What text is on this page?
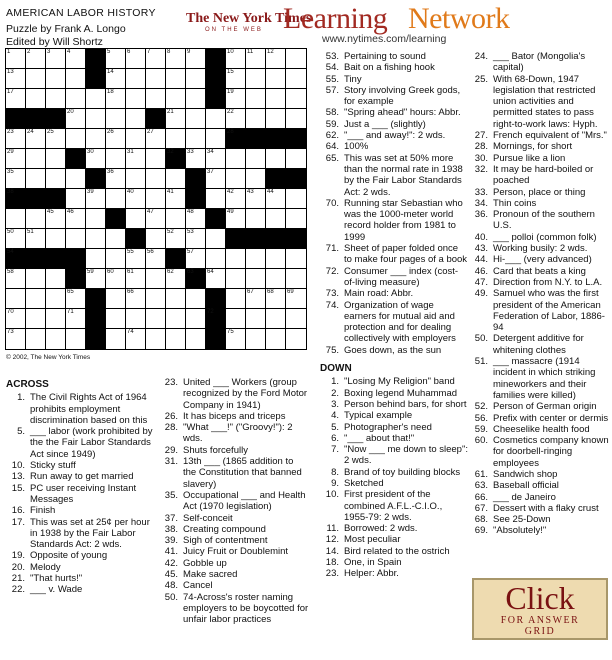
AMERICAN LABOR HISTORY
Puzzle by Frank A. Longo
Edited by Will Shortz
The New York Times
ON THE WEB Learning Network
www.nytimes.com/learning
1	2	3	4	5	6	7	8	9	10 11 12
13	14	15
17	18	19
20	21	22
23 24 25	26	27	28
29	30	31	32 33 34
35	36	37
38	39	40	41	42 43 44
45 46	47	48	49
50 51	52 53
54	55 56	57
58	59 60 61	62 63 64
65	66	67 68 69
70	71	72
73	74	75
© 2002, The New York Times
ACROSS
1. The Civil Rights Act of 1964 prohibits employment discrimination based on this
5. ___ labor (work prohibited by the the Fair Labor Standards Act since 1949)
10. Sticky stuff
13. Run away to get married
15. PC user receiving Instant Messages
16. Finish
17. This was set at 25¢ per hour in 1938 by the Fair Labor Standards Act: 2 wds.
19. Opposite of young
20. Melody
21. "That hurts!"
22. ___ v. Wade
23. United ___ Workers (group recognized by the Ford Motor Company in 1941)
26. It has biceps and triceps
28. "What ___!" ("Groovy!"): 2 wds.
29. Shuts forcefully
31. 13th ___ (1865 addition to the Constitution that banned slavery)
35. Occupational ___ and Health Act (1970 legislation)
37. Self-conceit
38. Creating compound
39. Sigh of contentment
41. Juicy Fruit or Doublemint
42. Gobble up
45. Make sacred
48. Cancel
50. 74-Across's roster naming employers to be boycotted for unfair labor practices
53. Pertaining to sound
54. Bait on a fishing hook
55. Tiny
57. Story involving Greek gods, for example
58. "Spring ahead" hours: Abbr.
59. Just a ___ (slightly)
62. "___ and away!": 2 wds.
64. 100%
65. This was set at 50% more than the normal rate in 1938 by the Fair Labor Standards Act: 2 wds.
70. Running star Sebastian who was the 1000-meter world record holder from 1981 to 1999
71. Sheet of paper folded once to make four pages of a book
72. Consumer ___ index (cost-of-living measure)
73. Main road: Abbr.
74. Organization of wage earners for mutual aid and protection and for dealing collectively with employers
75. Goes down, as the sun
DOWN
1. "Losing My Religion" band
2. Boxing legend Muhammad
3. Person behind bars, for short
4. Typical example
5. Photographer's need
6. "___ about that!"
7. "Now ___ me down to sleep": 2 wds.
8. Brand of toy building blocks
9. Sketched
10. First president of the combined A.F.L.-C.I.O., 1955-79: 2 wds.
11. Borrowed: 2 wds.
12. Most peculiar
14. Bird related to the ostrich
18. One, in Spain
23. Helper: Abbr.
24. ___ Bator (Mongolia's capital)
25. With 68-Down, 1947 legislation that restricted union activities and permitted states to pass right-to-work laws: Hyph.
27. French equivalent of "Mrs."
28. Mornings, for short
30. Pursue like a lion
32. It may be hard-boiled or poached
33. Person, place or thing
34. Thin coins
36. Pronoun of the southern U.S.
40. ___ polloi (common folk)
43. Working busily: 2 wds.
44. Hi-___ (very advanced)
46. Card that beats a king
47. Direction from N.Y. to L.A.
49. Samuel who was the first president of the American Federation of Labor, 1886-94
50. Detergent additive for whitening clothes
51. ___ massacre (1914 incident in which striking mineworkers and their families were killed)
52. Person of German origin
56. Prefix with center or dermis
59. Cheeselike health food
60. Cosmetics company known for doorbell-ringing employees
61. Sandwich shop
63. Baseball official
66. ___ de Janeiro
67. Dessert with a flaky crust
68. See 25-Down
69. "Absolutely!"
Click
FOR ANSWER
GRID
